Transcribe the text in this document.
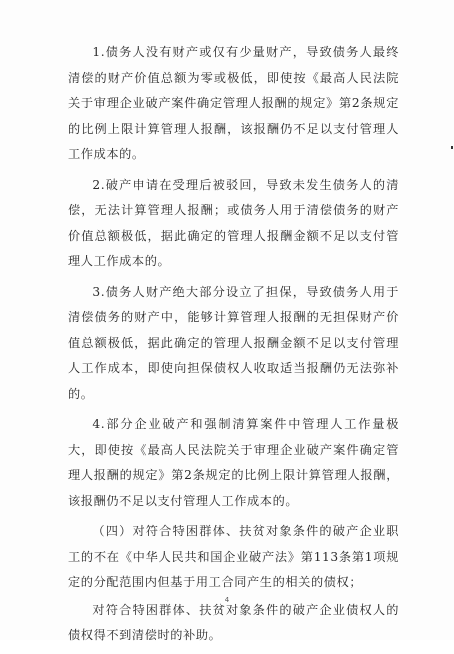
1.债务人没有财产或仅有少量财产，导致债务人最终清偿的财产价值总额为零或极低，即使按《最高人民法院关于审理企业破产案件确定管理人报酬的规定》第2条规定的比例上限计算管理人报酬，该报酬仍不足以支付管理人工作成本的。

2.破产申请在受理后被驳回，导致未发生债务人的清偿，无法计算管理人报酬；或债务人用于清偿债务的财产价值总额极低，据此确定的管理人报酬金额不足以支付管理人工作成本的。

3.债务人财产绝大部分设立了担保，导致债务人用于清偿债务的财产中，能够计算管理人报酬的无担保财产价值总额极低，据此确定的管理人报酬金额不足以支付管理人工作成本，即使向担保债权人收取适当报酬仍无法弥补的。

4.部分企业破产和强制清算案件中管理人工作量极大，即使按《最高人民法院关于审理企业破产案件确定管理人报酬的规定》第2条规定的比例上限计算管理人报酬，该报酬仍不足以支付管理人工作成本的。

（四）对符合特困群体、扶贫对象条件的破产企业职工的不在《中华人民共和国企业破产法》第113条第1项规定的分配范围内但基于用工合同产生的相关的债权；

对符合特困群体、扶贫对象条件的破产企业债权人的债权得不到清偿时的补助。

4
